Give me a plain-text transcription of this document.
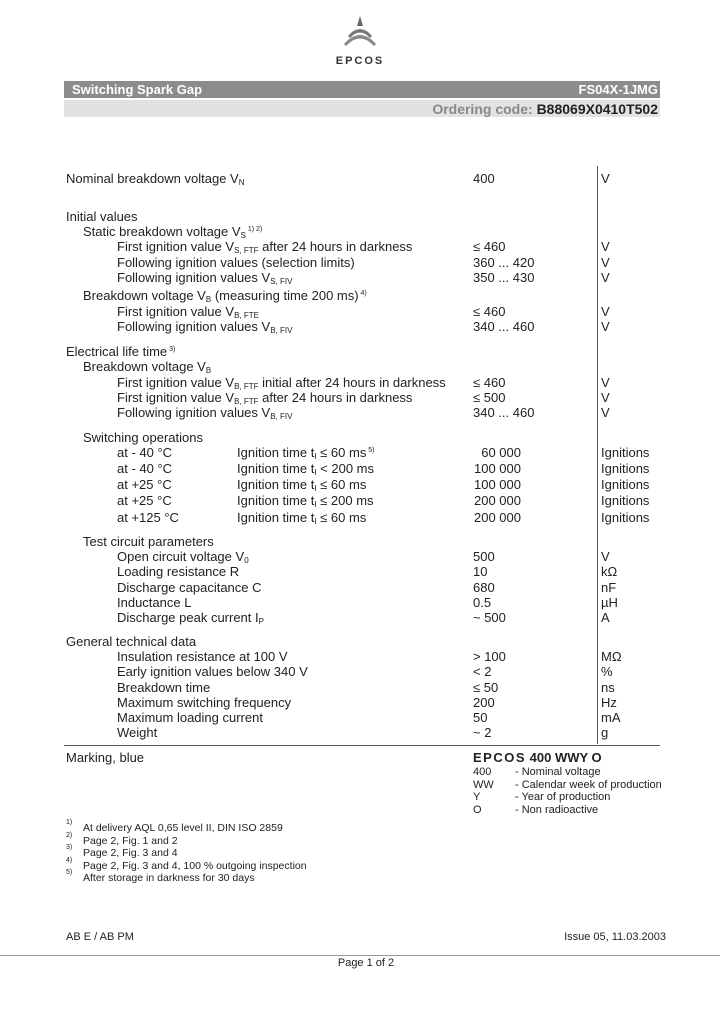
EPCOS
Switching Spark Gap	FS04X-1JMG
Ordering code: B88069X0410T502
Nominal breakdown voltage $V_N$	400	V
Initial values
Static breakdown voltage $V_S$ $^{1) 2)}$
First ignition value $V_{S, FTF}$ after 24 hours in darkness	≤ 460	V
Following ignition values (selection limits)	360 ... 420	V
Following ignition values $V_{S, FIV}$	350 ... 430	V
Breakdown voltage $V_B$ (measuring time 200 ms) $^{4)}$
First ignition value $V_{B, FTE}$	≤ 460	V
Following ignition values $V_{B, FIV}$	340 ... 460	V
Electrical life time $^{3)}$
Breakdown voltage $V_B$
First ignition value $V_{B, FTF}$ initial after 24 hours in darkness ≤ 460	V
First ignition value $V_{B, FTF}$ after 24 hours in darkness	≤ 500	V
Following ignition values $V_{B, FIV}$	340 ... 460	V
Switching operations
Test circuit parameters
Open circuit voltage $V_0$	500	V
Loading resistance R	10	kΩ
Discharge capacitance C	680	nF
Inductance L	0.5	µH
Discharge peak current $I_P$	~ 500	A
General technical data
Insulation resistance at 100 V	> 100	MΩ
Early ignition values below 340 V	< 2	%
Breakdown time	≤ 50	ns
Maximum switching frequency	200	Hz
Maximum loading current	50	mA
Weight	~ 2	g
at - 40 °C	Ignition time $t_I \le 60$ ms $^{5)}$	60 000	Ignitions
at - 40 °C	Ignition time $t_I < 200$ ms	100 000	Ignitions
at +25 °C	Ignition time $t_I \le 60$ ms	100 000	Ignitions
at +25 °C	Ignition time $t_I \le 200$ ms	200 000	Ignitions
at +125 °C	Ignition time $t_I \le 60$ ms	200 000	Ignitions
Marking, blue	EPCOS 400 WWY O
400 - Nominal voltage
WW - Calendar week of production
Y	- Year of production
O	- Non radioactive
1) At delivery AQL 0,65 level II, DIN ISO 2859
2) Page 2, Fig. 1 and 2
3) Page 2, Fig. 3 and 4
4) Page 2, Fig. 3 and 4, 100 % outgoing inspection
5) After storage in darkness for 30 days
AB E / AB PM	Issue 05, 11.03.2003
Page 1 of 2
